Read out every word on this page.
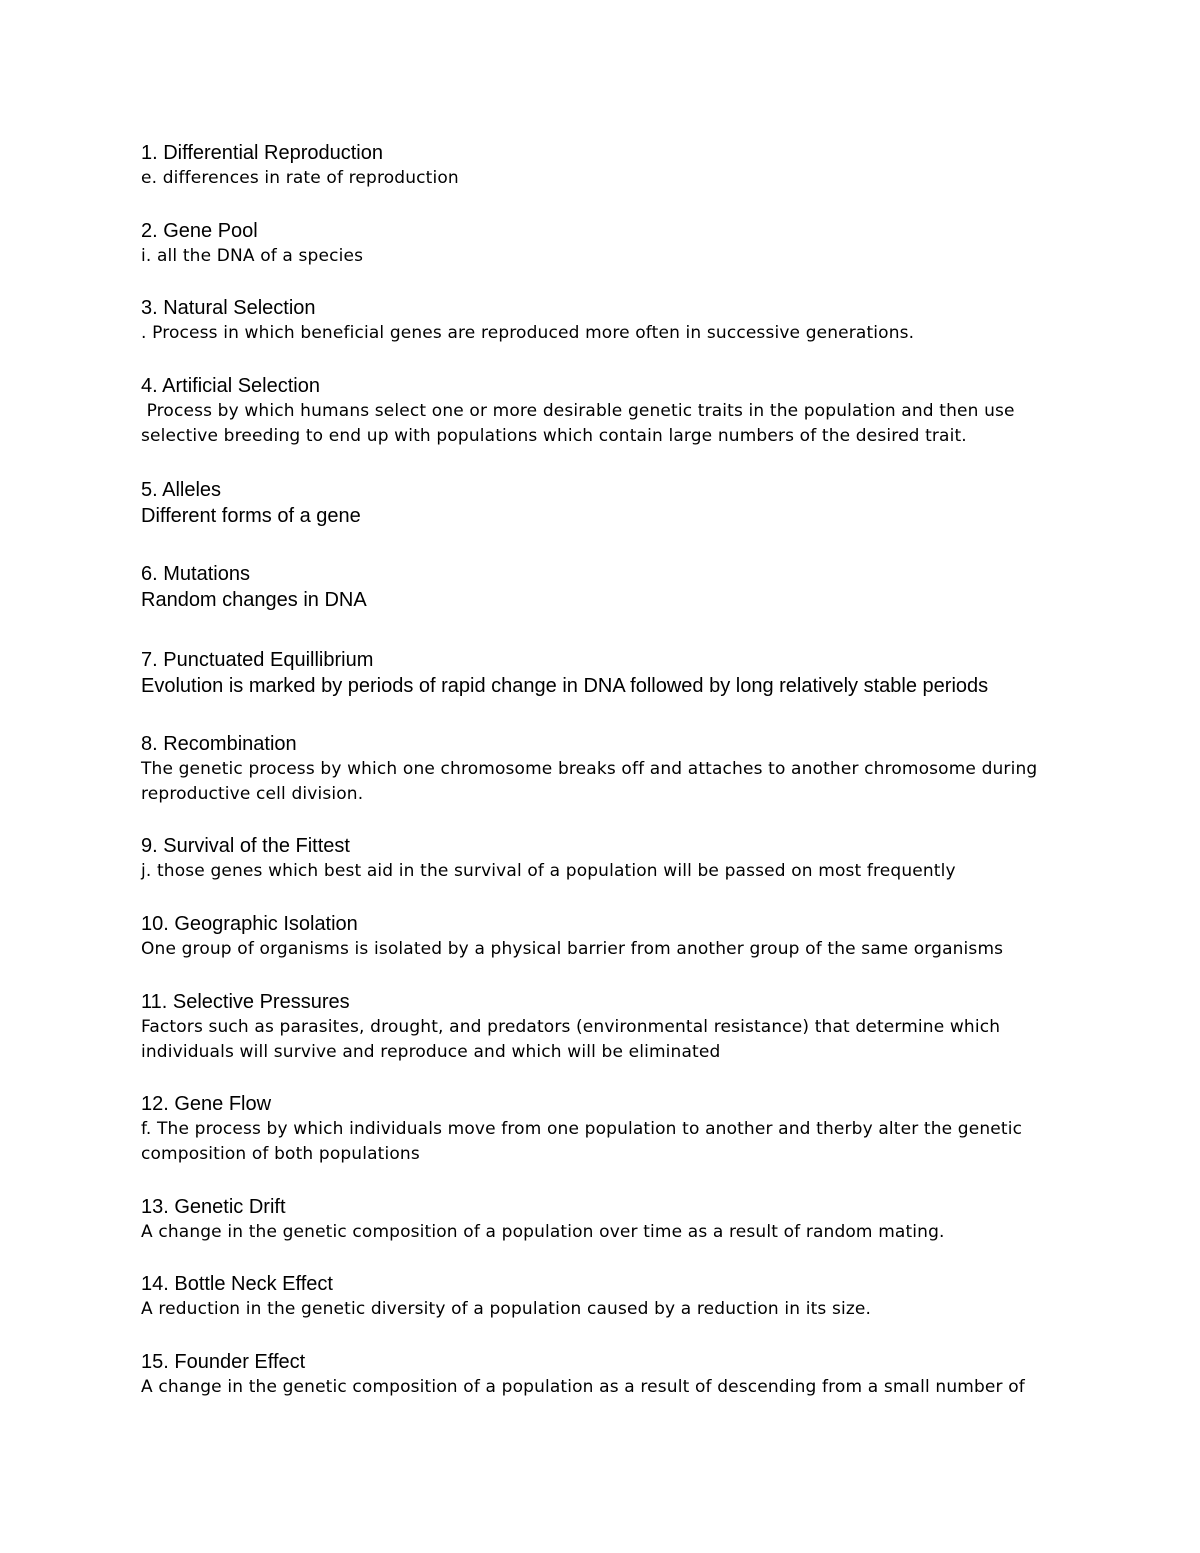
1. Differential Reproduction

e. differences in rate of reproduction

2. Gene Pool

i. all the DNA of a species

3. Natural Selection

. Process in which beneficial genes are reproduced more often in successive generations.

4. Artificial Selection

Process by which humans select one or more desirable genetic traits in the population and then use selective breeding to end up with populations which contain large numbers of the desired trait.

5. Alleles

Different forms of a gene

6. Mutations

Random changes in DNA

7. Punctuated Equillibrium

Evolution is marked by periods of rapid change in DNA followed by long relatively stable periods

8. Recombination

The genetic process by which one chromosome breaks off and attaches to another chromosome during reproductive cell division.

9. Survival of the Fittest

j. those genes which best aid in the survival of a population will be passed on most frequently

10. Geographic Isolation

One group of organisms is isolated by a physical barrier from another group of the same organisms

11. Selective Pressures

Factors such as parasites, drought, and predators (environmental resistance) that determine which individuals will survive and reproduce and which will be eliminated

12. Gene Flow

f. The process by which individuals move from one population to another and therby alter the genetic composition of both populations

13. Genetic Drift

A change in the genetic composition of a population over time as a result of random mating.

14. Bottle Neck Effect

A reduction in the genetic diversity of a population caused by a reduction in its size.

15. Founder Effect

A change in the genetic composition of a population as a result of descending from a small number of
